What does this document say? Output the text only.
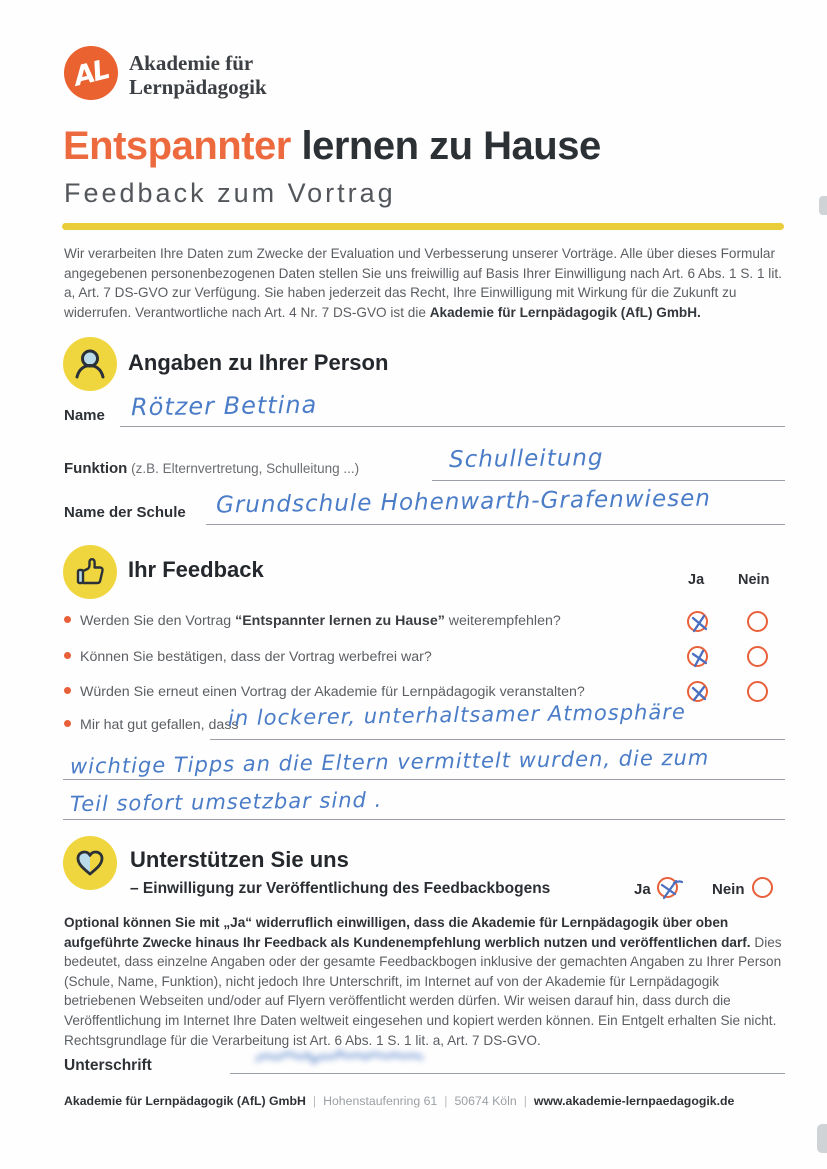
AL Akademie für
Lernpädagogik
Entspannter lernen zu Hause
Feedback zum Vortrag
Wir verarbeiten Ihre Daten zum Zwecke der Evaluation und Verbesserung unserer Vorträge. Alle über dieses Formular angegebenen personenbezogenen Daten stellen Sie uns freiwillig auf Basis Ihrer Einwilligung nach Art. 6 Abs. 1 S. 1 lit. a, Art. 7 DS-GVO zur Verfügung. Sie haben jederzeit das Recht, Ihre Einwilligung mit Wirkung für die Zukunft zu widerrufen. Verantwortliche nach Art. 4 Nr. 7 DS-GVO ist die Akademie für Lernpädagogik (AfL) GmbH.
Angaben zu Ihrer Person
Name Rötzer Bettina
Funktion (z.B. Elternvertretung, Schulleitung ...)	Schulleitung
Name der Schule Grundschule Hohenwarth-Grafenwiesen
Ihr Feedback	Ja Nein
Werden Sie den Vortrag “Entspannter lernen zu Hause” weiterempfehlen?
Können Sie bestätigen, dass der Vortrag werbefrei war?
Würden Sie erneut einen Vortrag der Akademie für Lernpädagogik veranstalten?
Mir hat gut gefallen, dass
in lockerer, unterhaltsamer Atmosphäre
wichtige Tipps an die Eltern vermittelt wurden, die zum
Teil sofort umsetzbar sind .
Unterstützen Sie uns
– Einwilligung zur Veröffentlichung des Feedbackbogens	Ja	Nein
Optional können Sie mit „Ja“ widerruflich einwilligen, dass die Akademie für Lernpädagogik über oben aufgeführte Zwecke hinaus Ihr Feedback als Kundenempfehlung werblich nutzen und veröffentlichen darf. Dies bedeutet, dass einzelne Angaben oder der gesamte Feedbackbogen inklusive der gemachten Angaben zu Ihrer Person (Schule, Name, Funktion), nicht jedoch Ihre Unterschrift, im Internet auf von der Akademie für Lernpädagogik betriebenen Webseiten und/oder auf Flyern veröffentlicht werden dürfen. Wir weisen darauf hin, dass durch die Veröffentlichung im Internet Ihre Daten weltweit eingesehen und kopiert werden können. Ein Entgelt erhalten Sie nicht. Rechtsgrundlage für die Verarbeitung ist Art. 6 Abs. 1 S. 1 lit. a, Art. 7 DS-GVO.
Unterschrift
Akademie für Lernpädagogik (AfL) GmbH | Hohenstaufenring 61 | 50674 Köln | www.akademie-lernpaedagogik.de
